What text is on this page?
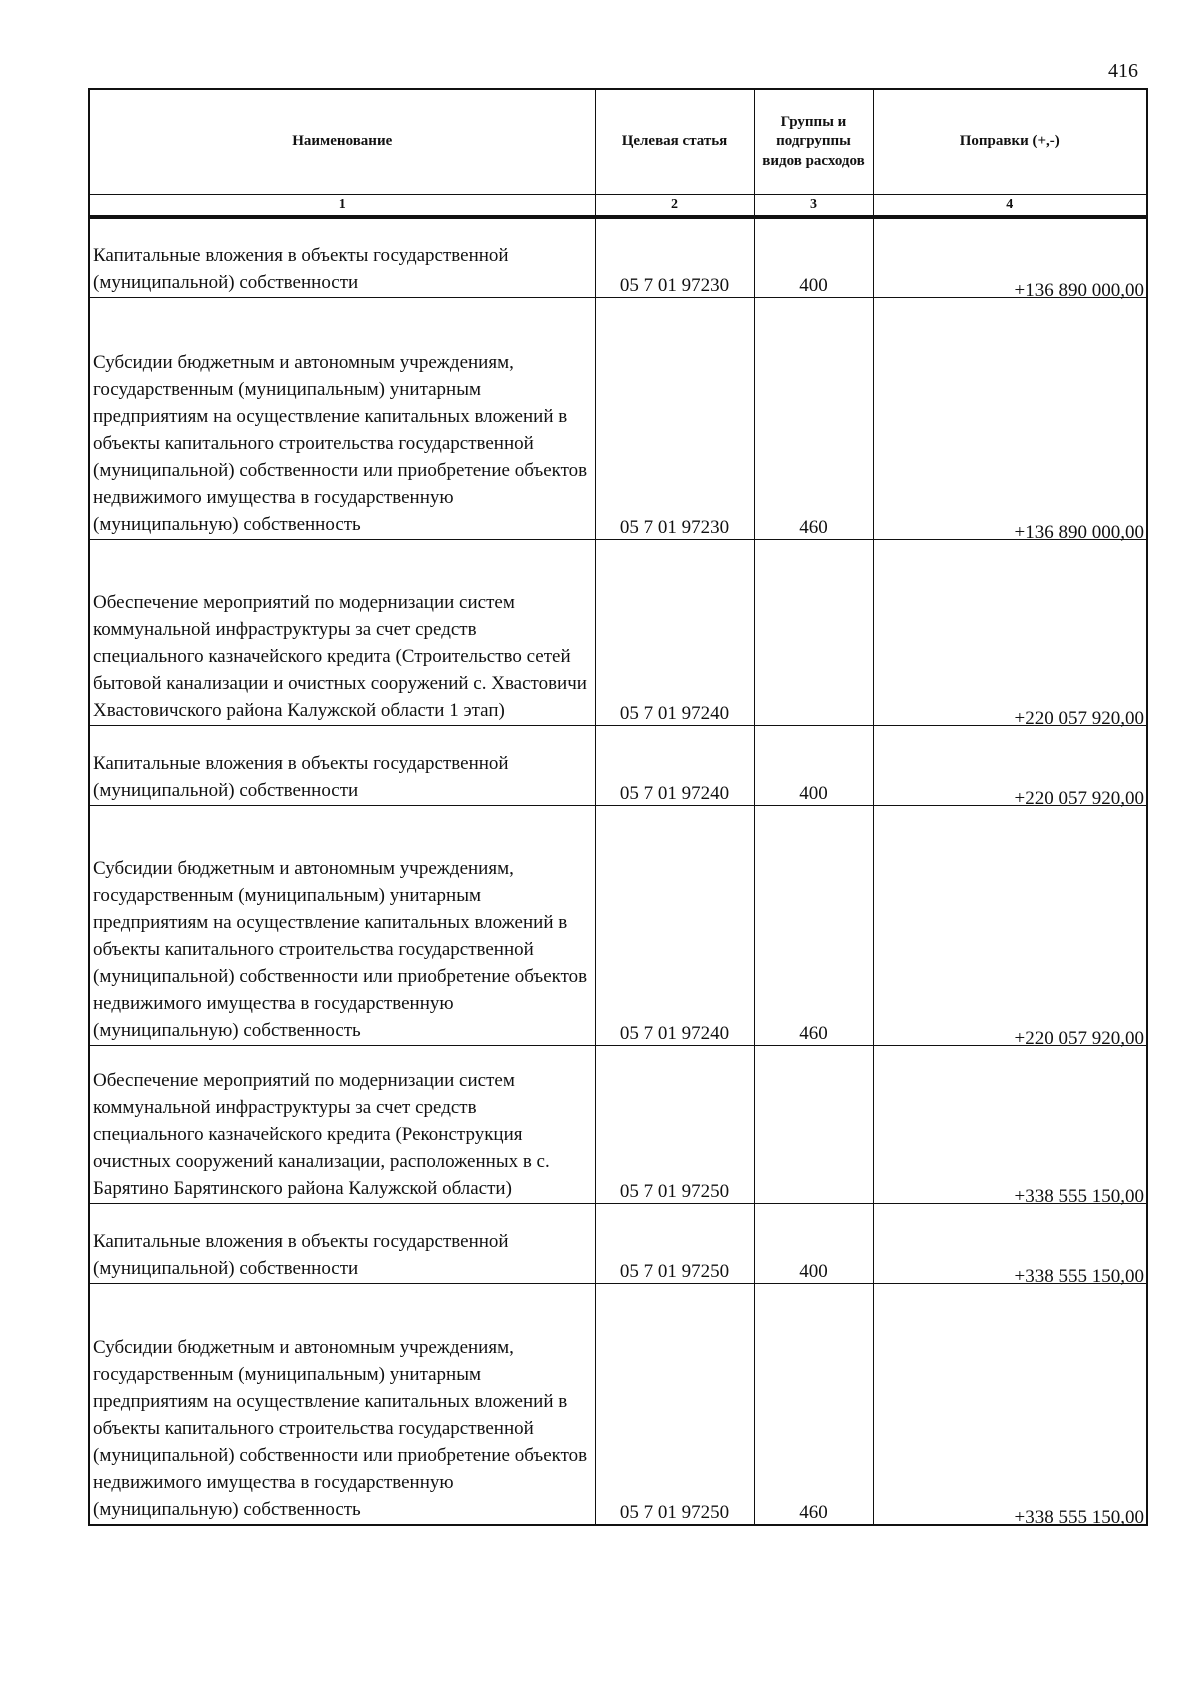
416
Наименование	Целевая статья	Группы и подгруппы видов расходов	Поправки (+,-)
1	2	3	4
Капитальные вложения в объекты государственной (муниципальной) собственности	05 7 01 97230	400	+136 890 000,00
Субсидии бюджетным и автономным учреждениям, государственным (муниципальным) унитарным предприятиям на осуществление капитальных вложений в объекты капитального строительства государственной (муниципальной) собственности или приобретение объектов недвижимого имущества в государственную (муниципальную) собственность	05 7 01 97230	460	+136 890 000,00
Обеспечение мероприятий по модернизации систем коммунальной инфраструктуры за счет средств специального казначейского кредита (Строительство сетей бытовой канализации и очистных сооружений с. Хвастовичи Хвастовичского района Калужской области 1 этап)	05 7 01 97240		+220 057 920,00
Капитальные вложения в объекты государственной (муниципальной) собственности	05 7 01 97240	400	+220 057 920,00
Субсидии бюджетным и автономным учреждениям, государственным (муниципальным) унитарным предприятиям на осуществление капитальных вложений в объекты капитального строительства государственной (муниципальной) собственности или приобретение объектов недвижимого имущества в государственную (муниципальную) собственность	05 7 01 97240	460	+220 057 920,00
Обеспечение мероприятий по модернизации систем коммунальной инфраструктуры за счет средств специального казначейского кредита (Реконструкция очистных сооружений канализации, расположенных в с. Барятино Барятинского района Калужской области)	05 7 01 97250		+338 555 150,00
Капитальные вложения в объекты государственной (муниципальной) собственности	05 7 01 97250	400	+338 555 150,00
Субсидии бюджетным и автономным учреждениям, государственным (муниципальным) унитарным предприятиям на осуществление капитальных вложений в объекты капитального строительства государственной (муниципальной) собственности или приобретение объектов недвижимого имущества в государственную (муниципальную) собственность	05 7 01 97250	460	+338 555 150,00
